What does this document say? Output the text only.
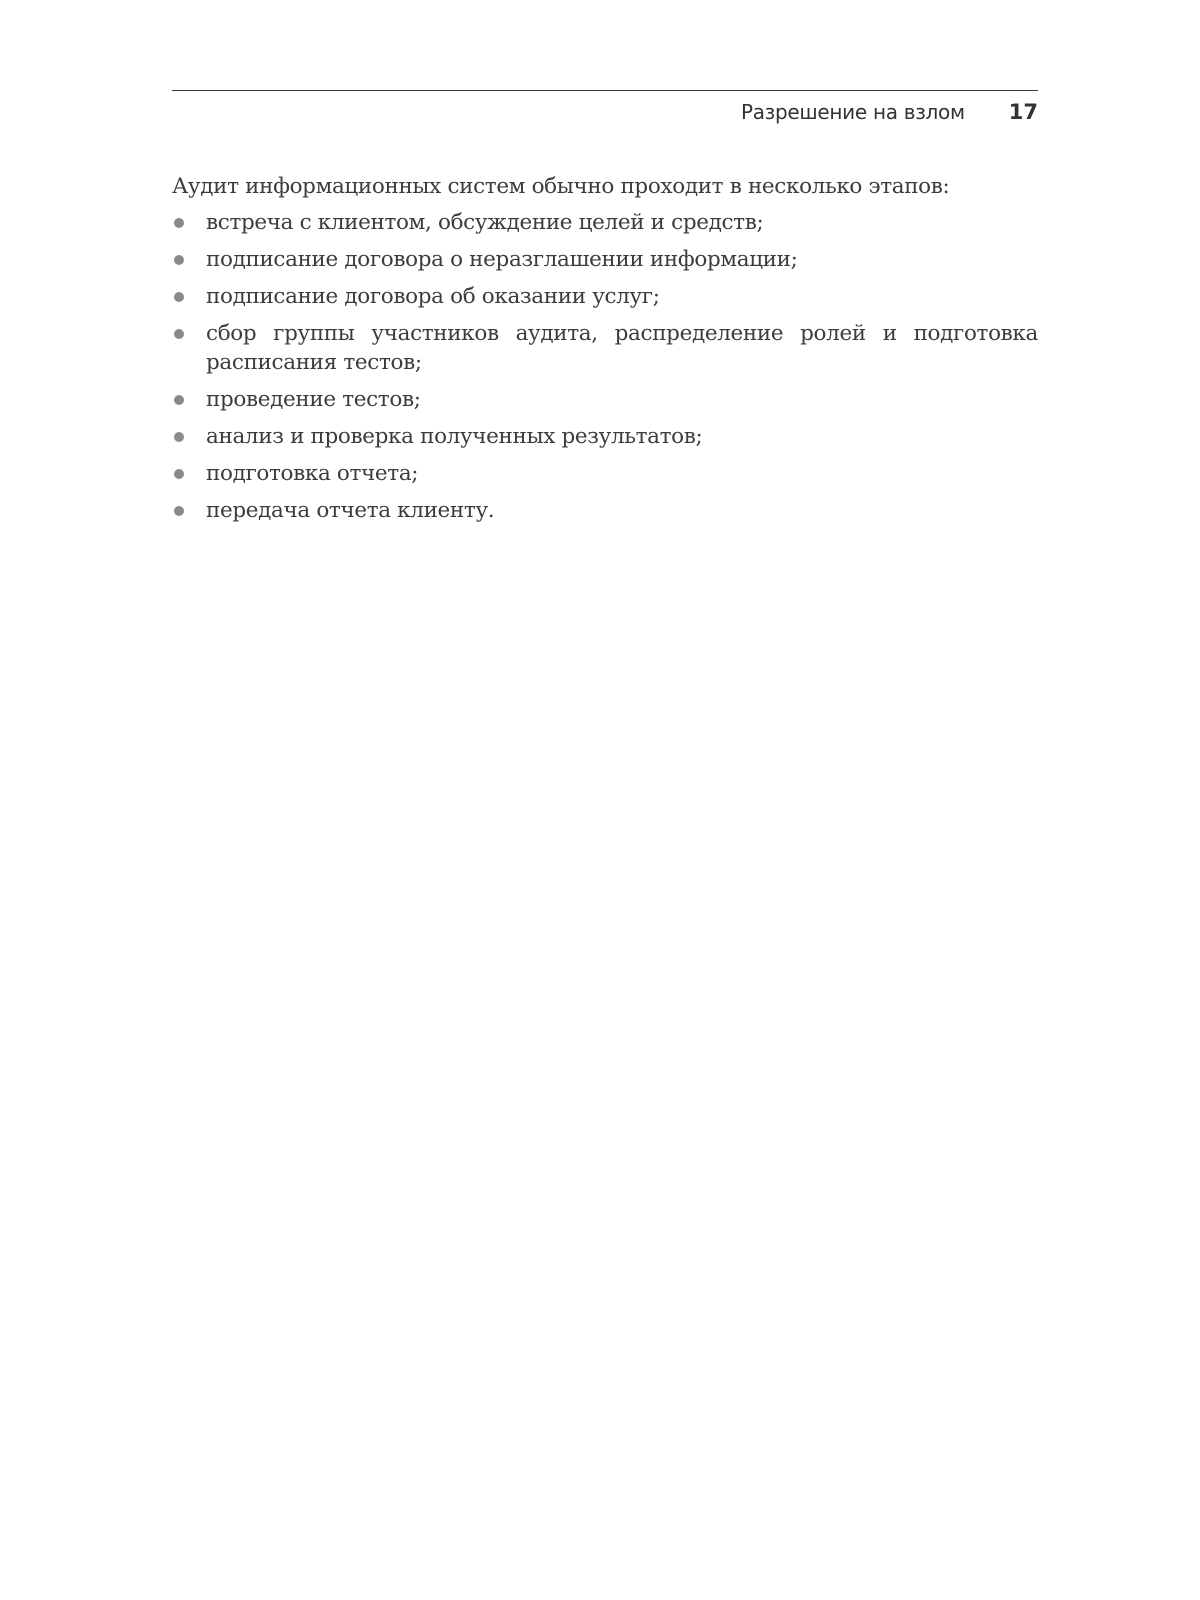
Разрешение на взлом 17

Аудит информационных систем обычно проходит в несколько этапов:

встреча с клиентом, обсуждение целей и средств;
подписание договора о неразглашении информации;
подписание договора об оказании услуг;
сбор группы участников аудита, распределение ролей и подготовка расписания тестов;
проведение тестов;
анализ и проверка полученных результатов;
подготовка отчета;
передача отчета клиенту.
